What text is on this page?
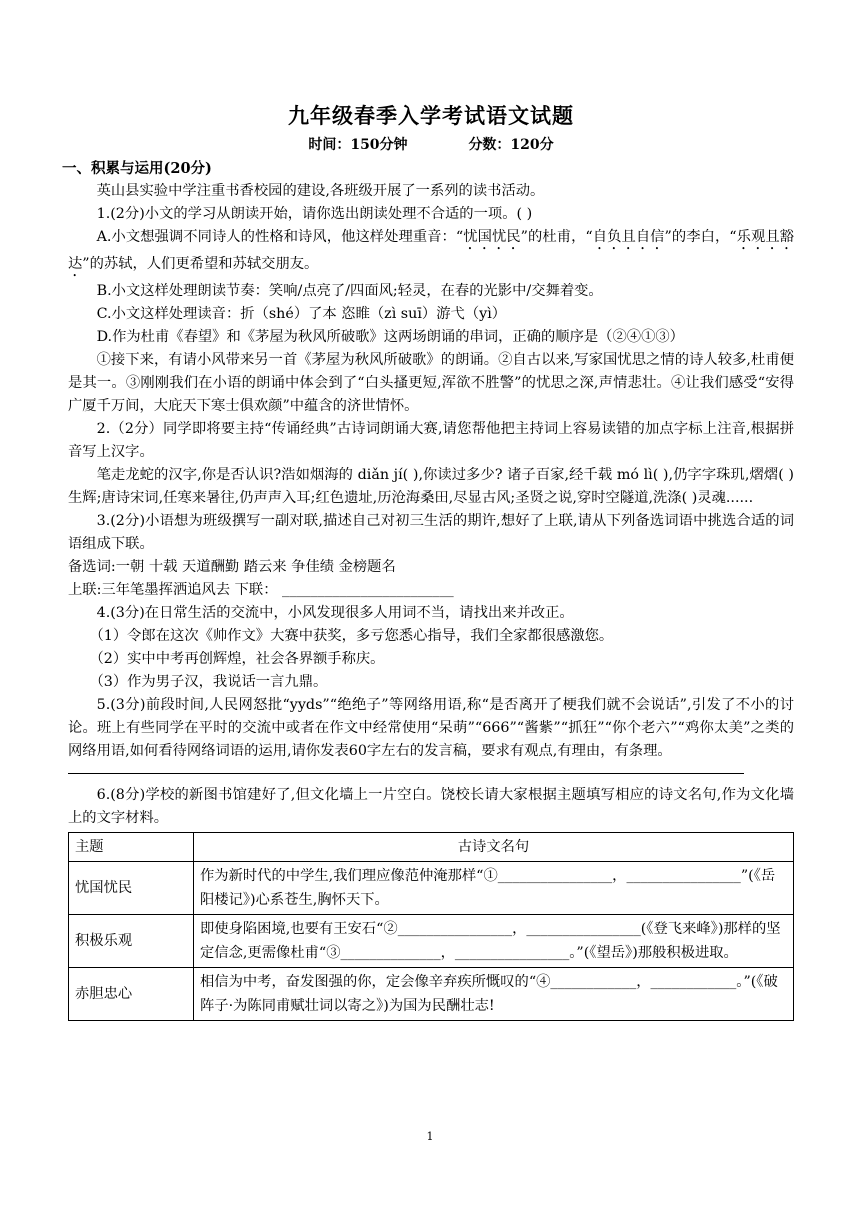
九年级春季入学考试语文试题
时间：150分钟	分数：120分
一、积累与运用(20分)

英山县实验中学注重书香校园的建设,各班级开展了一系列的读书活动。

1.(2分)小文的学习从朗读开始，请你选出朗读处理不合适的一项。( )

A.小文想强调不同诗人的性格和诗风，他这样处理重音：“忧国忧民”的杜甫，“自负且自信”的李白，“乐观且豁达”的苏轼，人们更希望和苏轼交朋友。

B.小文这样处理朗读节奏：笑响/点亮了/四面风;轻灵，在春的光影中/交舞着变。

C.小文这样处理读音：折（shé）了本 恣睢（zì suī）游弋（yì）

D.作为杜甫《春望》和《茅屋为秋风所破歌》这两场朗诵的串词，正确的顺序是（②④①③）

①接下来，有请小风带来另一首《茅屋为秋风所破歌》的朗诵。②自古以来,写家国忧思之情的诗人较多,杜甫便是其一。③刚刚我们在小语的朗诵中体会到了“白头搔更短,浑欲不胜警”的忧思之深,声情悲壮。④让我们感受“安得广厦千万间，大庇天下寒士俱欢颜”中蕴含的济世情怀。

2.（2分）同学即将要主持“传诵经典”古诗词朗诵大赛,请您帮他把主持词上容易读错的加点字标上注音,根据拼音写上汉字。

笔走龙蛇的汉字,你是否认识?浩如烟海的 diǎn jí( ),你读过多少? 诸子百家,经千载 mó lì( ),仍字字珠玑,熠熠( )生辉;唐诗宋词,任寒来暑往,仍声声入耳;红色遗址,历沧海桑田,尽显古风;圣贤之说,穿时空隧道,洗涤( )灵魂......

3.(2分)小语想为班级撰写一副对联,描述自己对初三生活的期许,想好了上联,请从下列备选词语中挑选合适的词语组成下联。

备选词:一朝 十载 天道酬勤 踏云来 争佳绩 金榜题名

上联:三年笔墨挥洒追风去 下联： ________________________

4.(3分)在日常生活的交流中，小风发现很多人用词不当，请找出来并改正。

（1）令郎在这次《帅作文》大赛中获奖，多亏您悉心指导，我们全家都很感激您。

（2）实中中考再创辉煌，社会各界额手称庆。

（3）作为男子汉，我说话一言九鼎。

5.(3分)前段时间,人民网怒批“yyds”“绝绝子”等网络用语,称“是否离开了梗我们就不会说话”,引发了不小的讨论。班上有些同学在平时的交流中或者在作文中经常使用“呆萌”“666”“酱紫”“抓狂”“你个老六”“鸡你太美”之类的网络用语,如何看待网络词语的运用,请你发表60字左右的发言稿，要求有观点,有理由，有条理。

6.(8分)学校的新图书馆建好了,但文化墙上一片空白。饶校长请大家根据主题填写相应的诗文名句,作为文化墙上的文字材料。

主题	古诗文名句
忧国忧民	作为新时代的中学生,我们理应像范仲淹那样“①________________，________________”(《岳阳楼记》)心系苍生,胸怀天下。
积极乐观	即使身陷困境,也要有王安石“②________________，________________(《登飞来峰》)那样的坚定信念,更需像杜甫“③______________，________________。”(《望岳》)那般积极进取。
赤胆忠心	相信为中考，奋发图强的你，定会像辛弃疾所慨叹的“④____________，____________。”(《破阵子·为陈同甫赋壮词以寄之》)为国为民酬壮志!
1
